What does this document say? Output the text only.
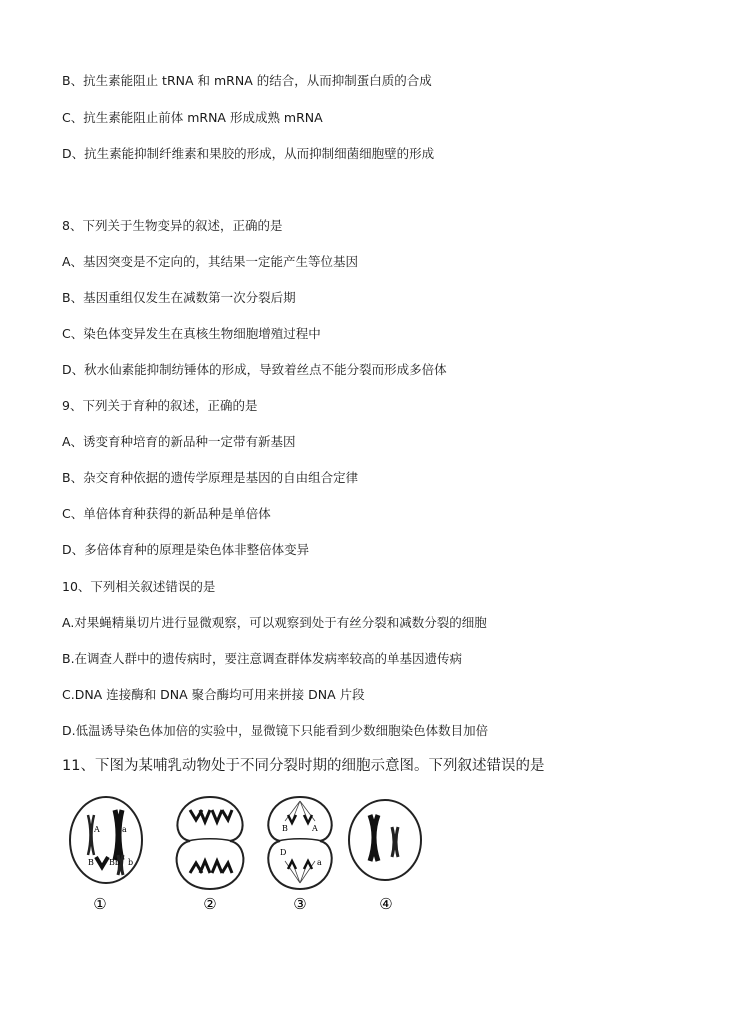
B、抗生素能阻止 tRNA 和 mRNA 的结合，从而抑制蛋白质的合成
C、抗生素能阻止前体 mRNA 形成成熟 mRNA
D、抗生素能抑制纤维素和果胶的形成，从而抑制细菌细胞壁的形成
8、下列关于生物变异的叙述，正确的是
A、基因突变是不定向的，其结果一定能产生等位基因
B、基因重组仅发生在减数第一次分裂后期
C、染色体变异发生在真核生物细胞增殖过程中
D、秋水仙素能抑制纺锤体的形成，导致着丝点不能分裂而形成多倍体
9、下列关于育种的叙述，正确的是
A、诱变育种培育的新品种一定带有新基因
B、杂交育种依据的遗传学原理是基因的自由组合定律
C、单倍体育种获得的新品种是单倍体
D、多倍体育种的原理是染色体非整倍体变异
10、下列相关叙述错误的是
A.对果蝇精巢切片进行显微观察，可以观察到处于有丝分裂和减数分裂的细胞
B.在调查人群中的遗传病时，要注意调查群体发病率较高的单基因遗传病
C.DNA 连接酶和 DNA 聚合酶均可用来拼接 DNA 片段
D.低温诱导染色体加倍的实验中，显微镜下只能看到少数细胞染色体数目加倍
11、下图为某哺乳动物处于不同分裂时期的细胞示意图。下列叙述错误的是
A	a
B Bb b
①	②
B	A
D
a
③	④
